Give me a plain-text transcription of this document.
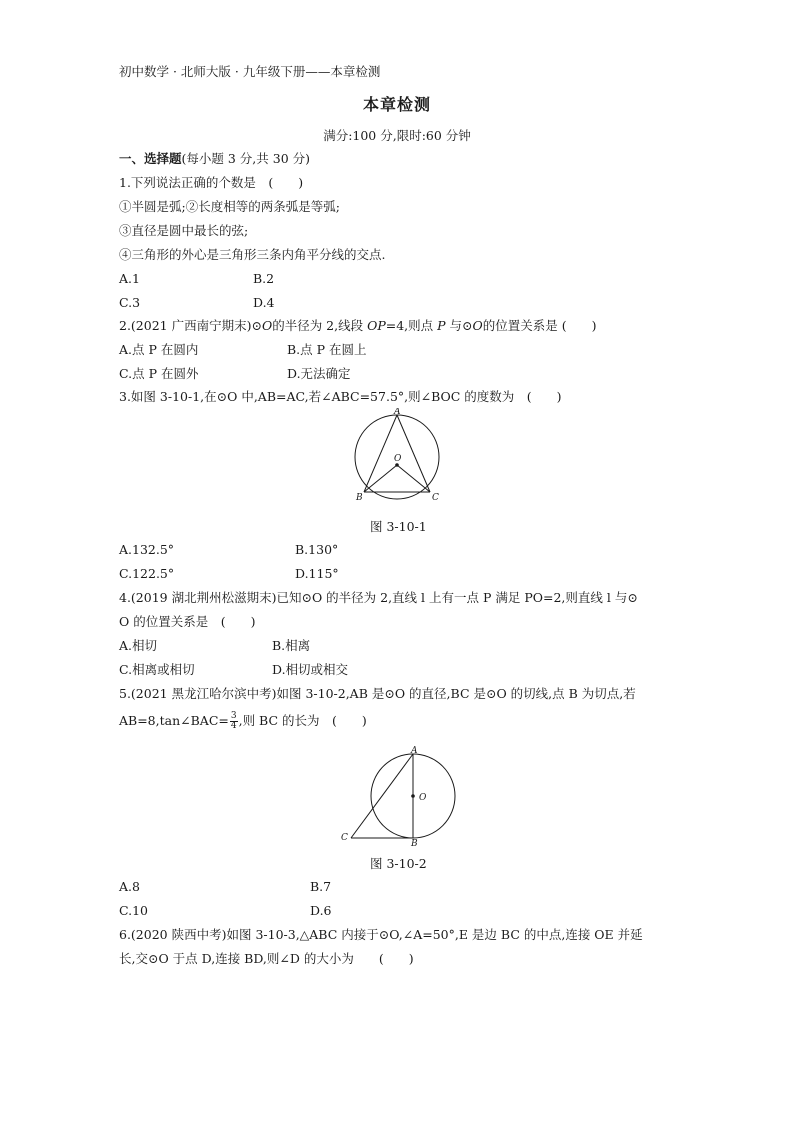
初中数学 · 北师大版 · 九年级下册——本章检测
本章检测
满分:100 分,限时:60 分钟
一、选择题(每小题 3 分,共 30 分)
1.下列说法正确的个数是　(　　)
①半圆是弧;②长度相等的两条弧是等弧;
③直径是圆中最长的弦;
④三角形的外心是三角形三条内角平分线的交点.
A.1	B.2
C.3	D.4
2.(2021 广西南宁期末)⊙O的半径为 2,线段 OP=4,则点 P 与⊙O的位置关系是 (　　)
A.点 P 在圆内	B.点 P 在圆上
C.点 P 在圆外	D.无法确定
3.如图 3-10-1,在⊙O 中,AB=AC,若∠ABC=57.5°,则∠BOC 的度数为　(　　)
A
O
B	C
图 3-10-1
A.132.5°	B.130°
C.122.5°	D.115°
4.(2019 湖北荆州松滋期末)已知⊙O 的半径为 2,直线 l 上有一点 P 满足 PO=2,则直线 l 与⊙
O 的位置关系是　(　　)
A.相切	B.相离
C.相离或相切	D.相切或相交
5.(2021 黑龙江哈尔滨中考)如图 3-10-2,AB 是⊙O 的直径,BC 是⊙O 的切线,点 B 为切点,若
AB=8,tan∠BAC= $\frac{3}{4}$ ,则 BC 的长为　(　　)
A
O
B
C
图 3-10-2
A.8	B.7
C.10	D.6
6.(2020 陕西中考)如图 3-10-3,△ABC 内接于⊙O,∠A=50°,E 是边 BC 的中点,连接 OE 并延
长,交⊙O 于点 D,连接 BD,则∠D 的大小为　　(　　)
